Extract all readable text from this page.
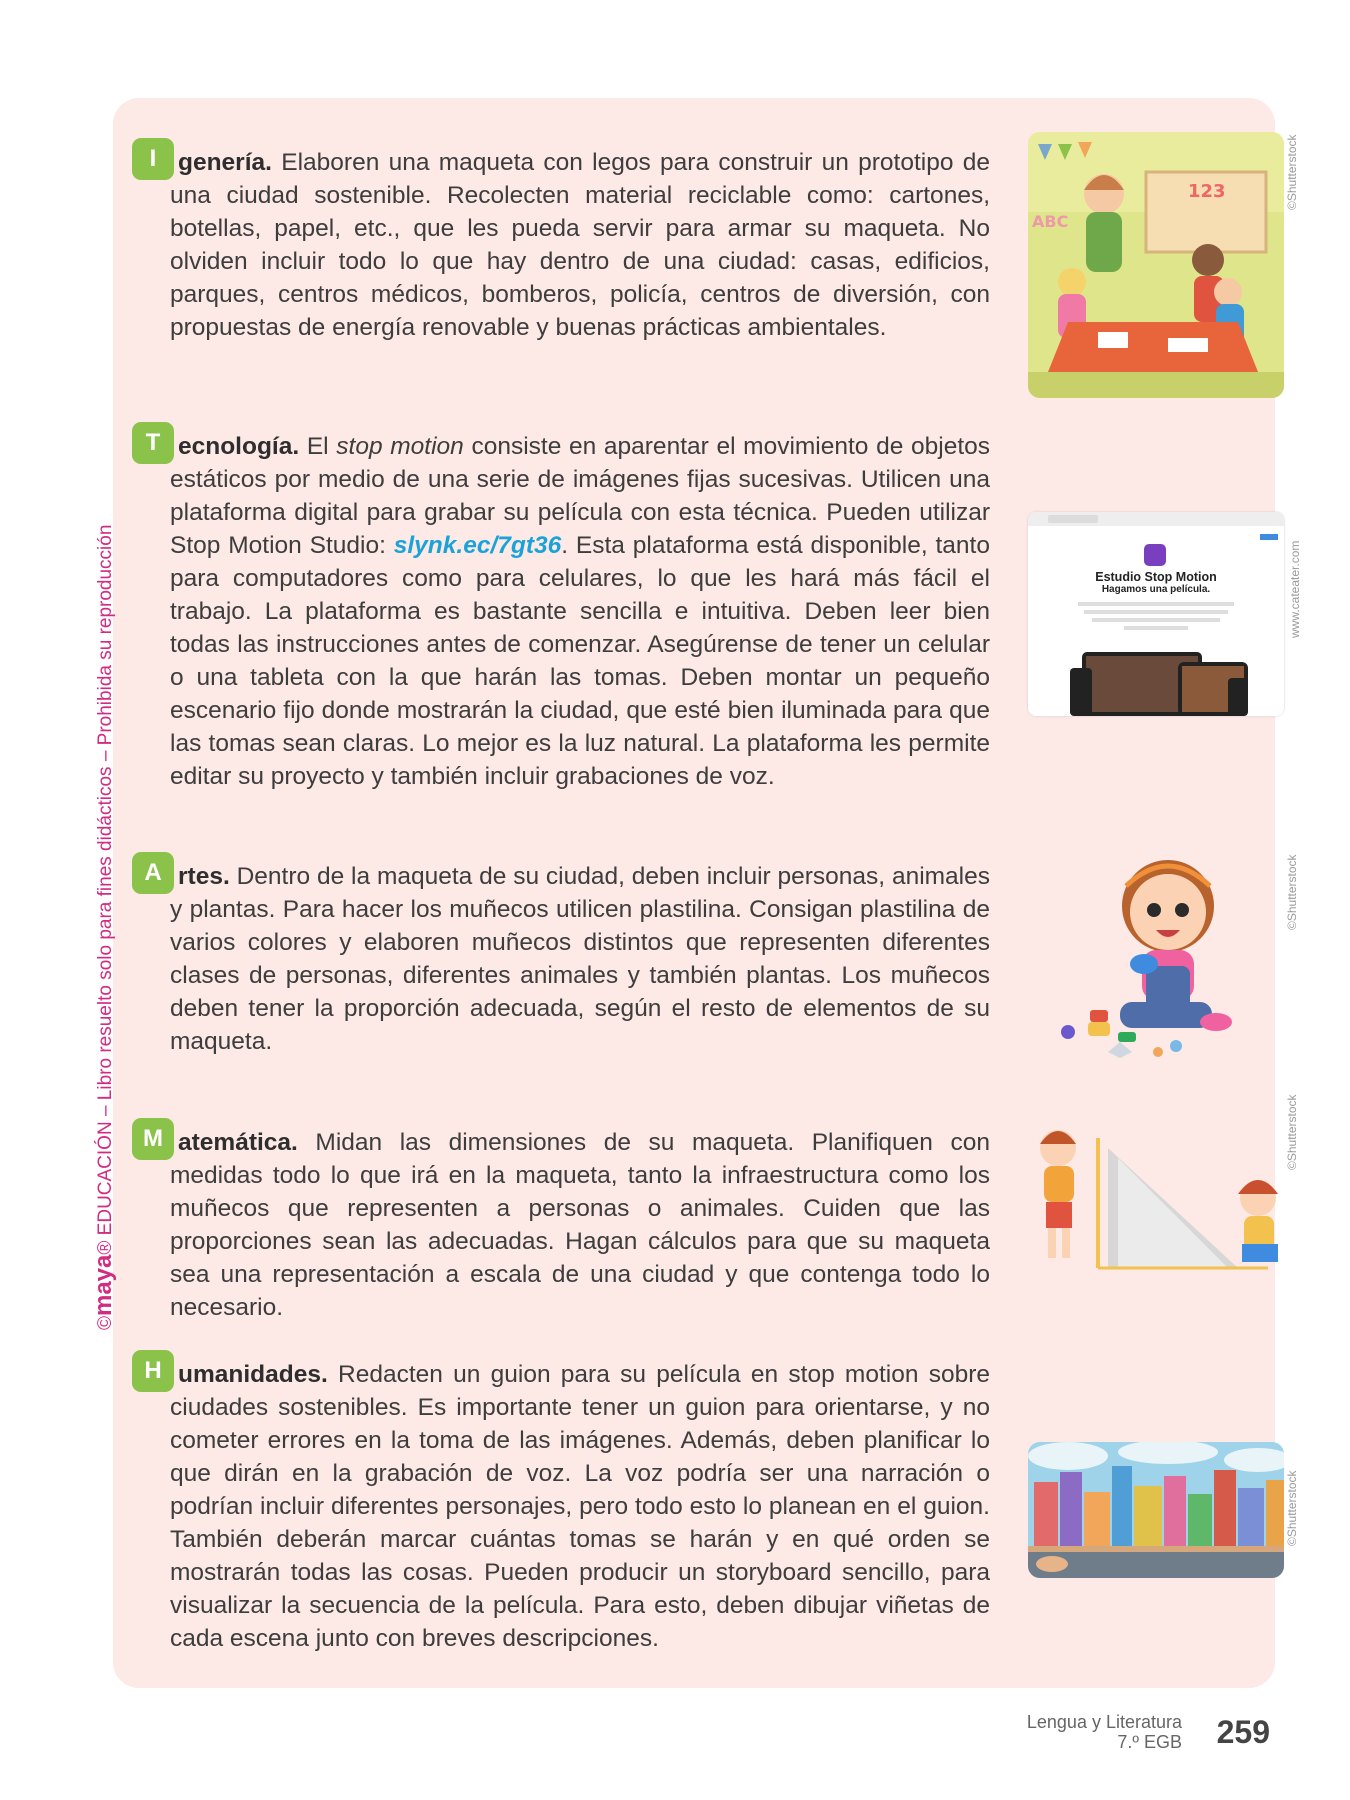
©maya® EDUCACIÓN – Libro resuelto solo para fines didácticos – Prohibida su reproducción
I genería. Elaboren una maqueta con legos para construir un prototipo de una ciudad sostenible. Recolecten material reciclable como: cartones, botellas, papel, etc., que les pueda servir para armar su maqueta. No olviden incluir todo lo que hay dentro de una ciudad: casas, edificios, parques, centros médicos, bomberos, policía, centros de diversión, con propuestas de energía renovable y buenas prácticas ambientales.

T ecnología. El stop motion consiste en aparentar el movimiento de objetos estáticos por medio de una serie de imágenes fijas sucesivas. Utilicen una plataforma digital para grabar su película con esta técnica. Pueden utilizar Stop Motion Studio: slynk.ec/7gt36. Esta plataforma está disponible, tanto para computadores como para celulares, lo que les hará más fácil el trabajo. La plataforma es bastante sencilla e intuitiva. Deben leer bien todas las instrucciones antes de comenzar. Asegúrense de tener un celular o una tableta con la que harán las tomas. Deben montar un pequeño escenario fijo donde mostrarán la ciudad, que esté bien iluminada para que las tomas sean claras. Lo mejor es la luz natural. La plataforma les permite editar su proyecto y también incluir grabaciones de voz.

A rtes. Dentro de la maqueta de su ciudad, deben incluir personas, animales y plantas. Para hacer los muñecos utilicen plastilina. Consigan plastilina de varios colores y elaboren muñecos distintos que representen diferentes clases de personas, diferentes animales y también plantas. Los muñecos deben tener la proporción adecuada, según el resto de elementos de su maqueta.

M atemática. Midan las dimensiones de su maqueta. Planifiquen con medidas todo lo que irá en la maqueta, tanto la infraestructura como los muñecos que representen a personas o animales. Cuiden que las proporciones sean las adecuadas. Hagan cálculos para que su maqueta sea una representación a escala de una ciudad y que contenga todo lo necesario.

H umanidades. Redacten un guion para su película en stop motion sobre ciudades sostenibles. Es importante tener un guion para orientarse, y no cometer errores en la toma de las imágenes. Además, deben planificar lo que dirán en la grabación de voz. La voz podría ser una narración o podrían incluir diferentes personajes, pero todo esto lo planean en el guion. También deberán marcar cuántas tomas se harán y en qué orden se mostrarán todas las cosas. Pueden producir un storyboard sencillo, para visualizar la secuencia de la película. Para esto, deben dibujar viñetas de cada escena junto con breves descripciones.

123
ABC
©Shutterstock
Estudio Stop Motion
Hagamos una película.	www.cateater.com
©Shutterstock
©Shutterstock
©Shutterstock
Lengua y Literatura
7.º EGB 259
